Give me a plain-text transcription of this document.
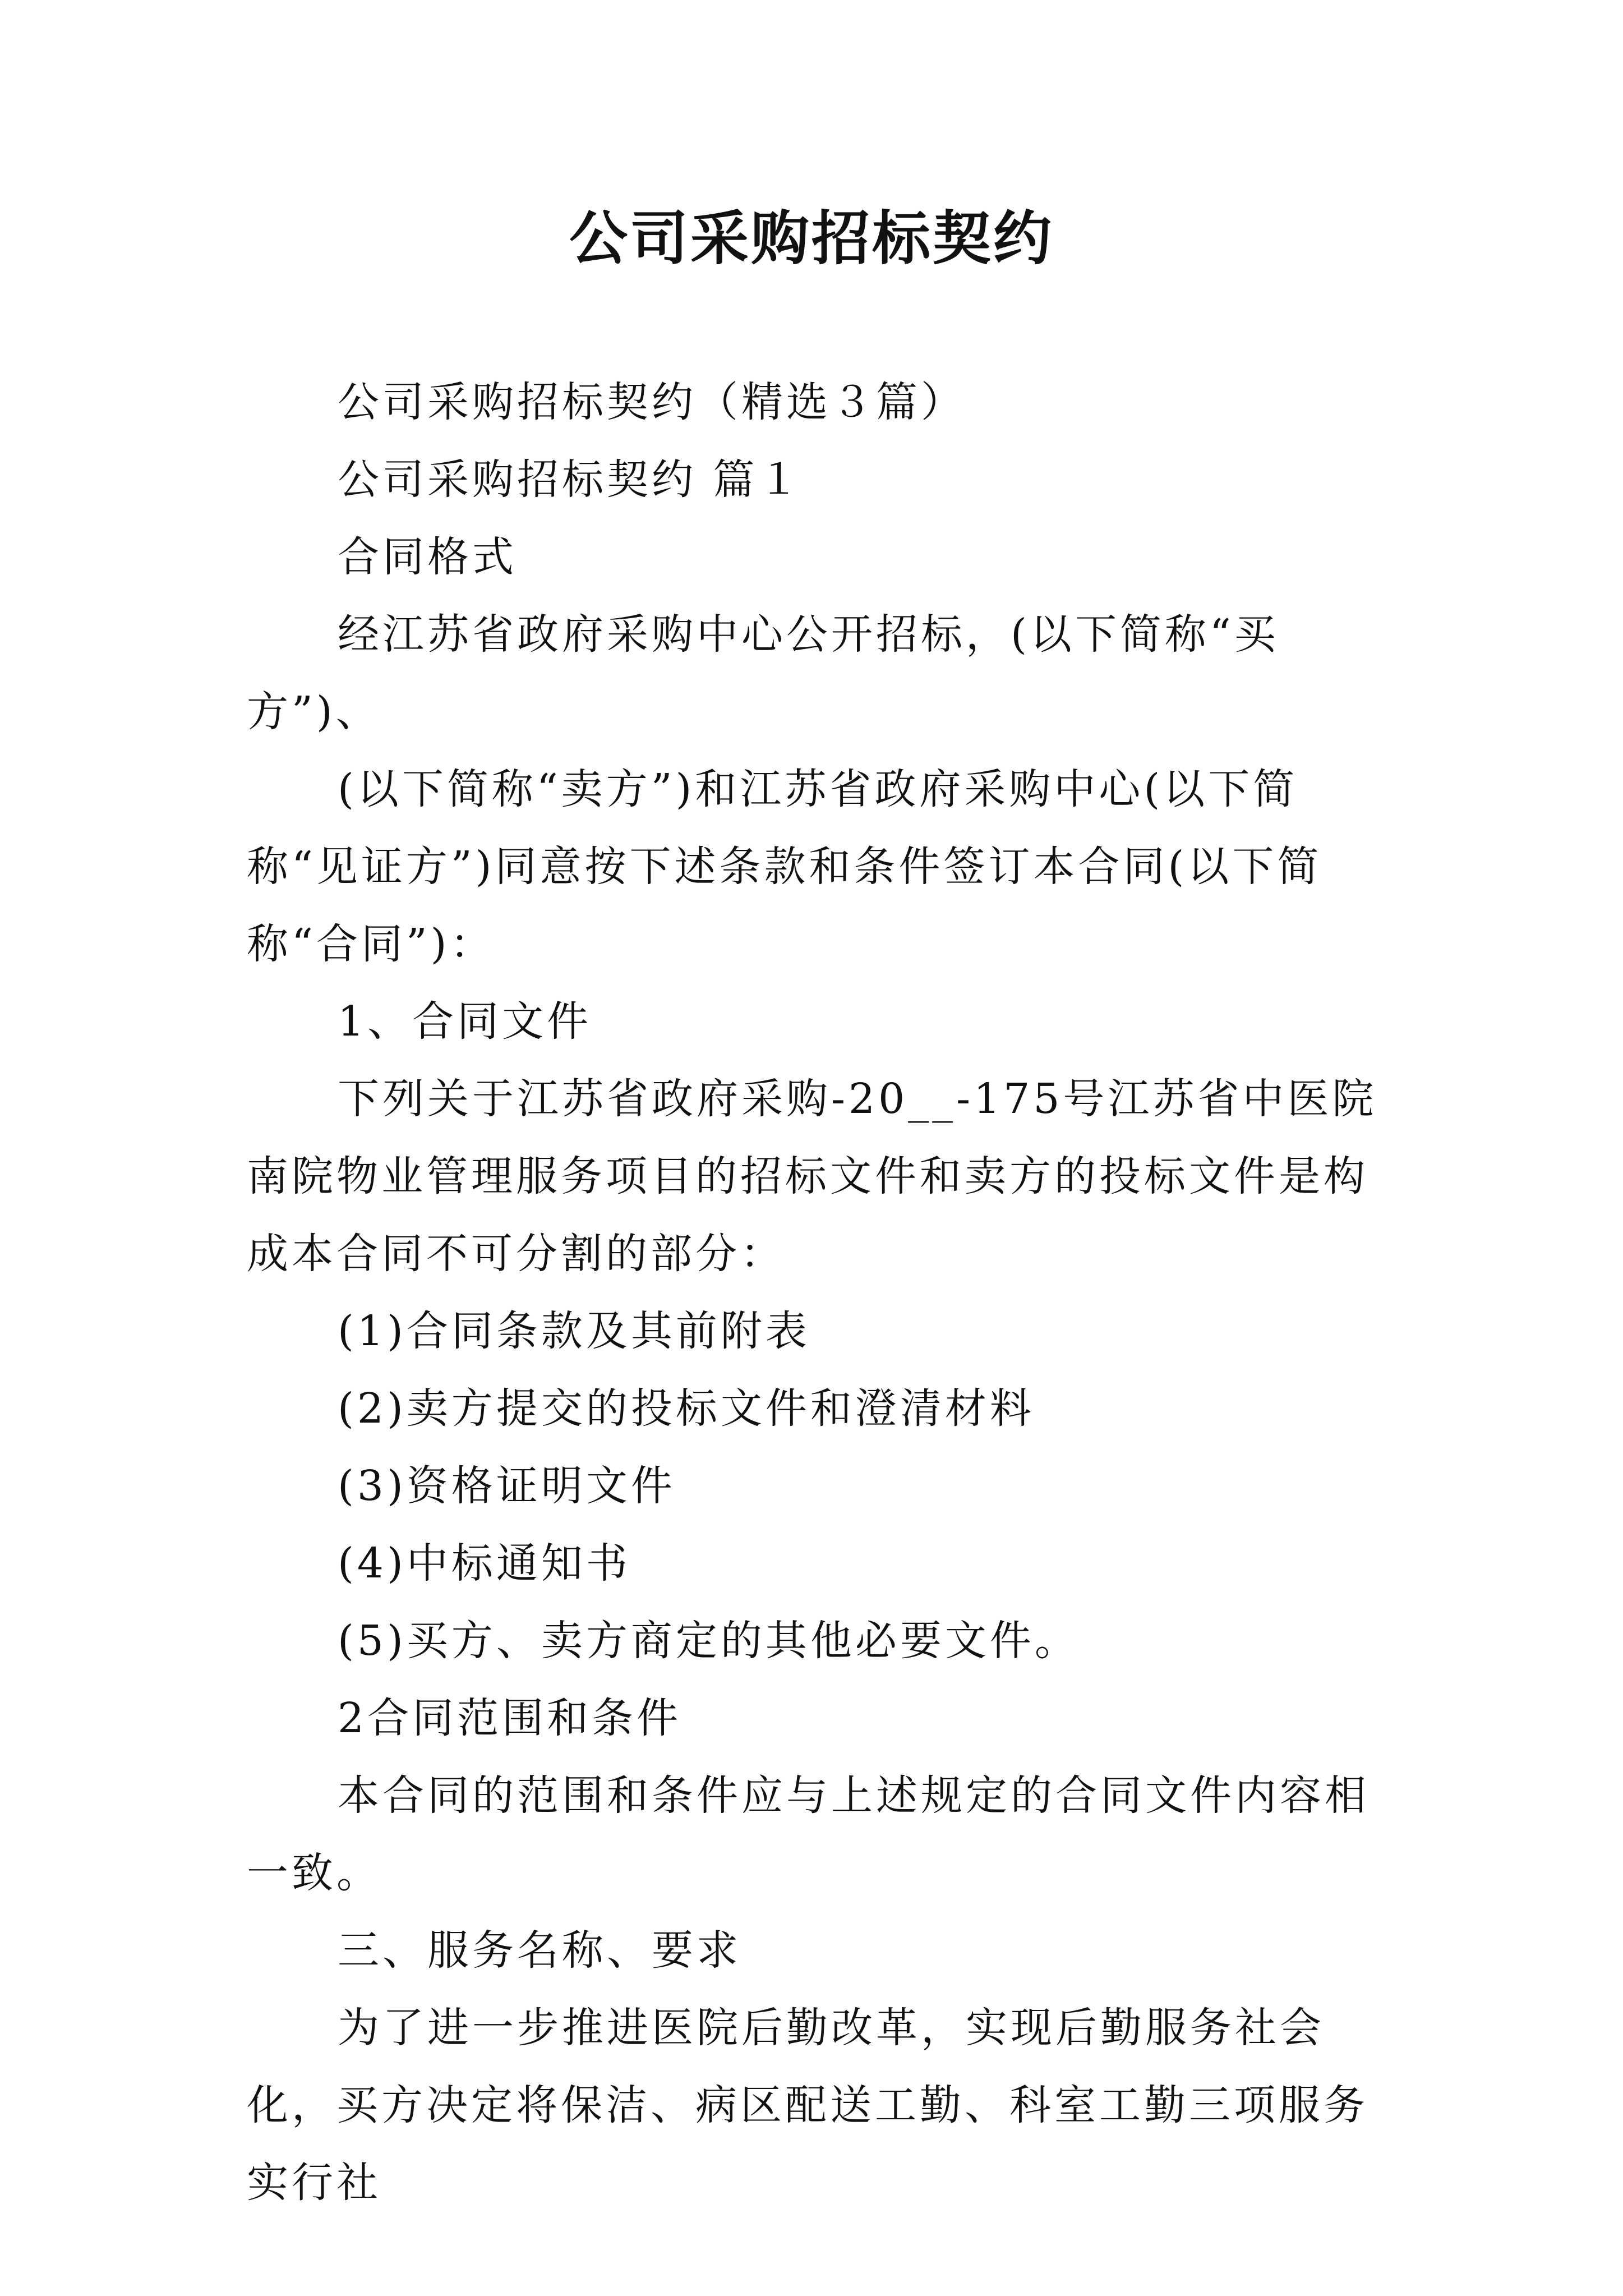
公司采购招标契约

公司采购招标契约（精选３篇）

公司采购招标契约 篇１

合同格式

经江苏省政府采购中心公开招标，(以下简称“买方”)、

(以下简称“卖方”)和江苏省政府采购中心(以下简称“见证方”)同意按下述条款和条件签订本合同(以下简称“合同”)：

1、合同文件

下列关于江苏省政府采购-20__-175号江苏省中医院南院物业管理服务项目的招标文件和卖方的投标文件是构成本合同不可分割的部分：

(1)合同条款及其前附表

(2)卖方提交的投标文件和澄清材料

(3)资格证明文件

(4)中标通知书

(5)买方、卖方商定的其他必要文件。

2合同范围和条件

本合同的范围和条件应与上述规定的合同文件内容相一致。

三、服务名称、要求

为了进一步推进医院后勤改革，实现后勤服务社会化，买方决定将保洁、病区配送工勤、科室工勤三项服务实行社
